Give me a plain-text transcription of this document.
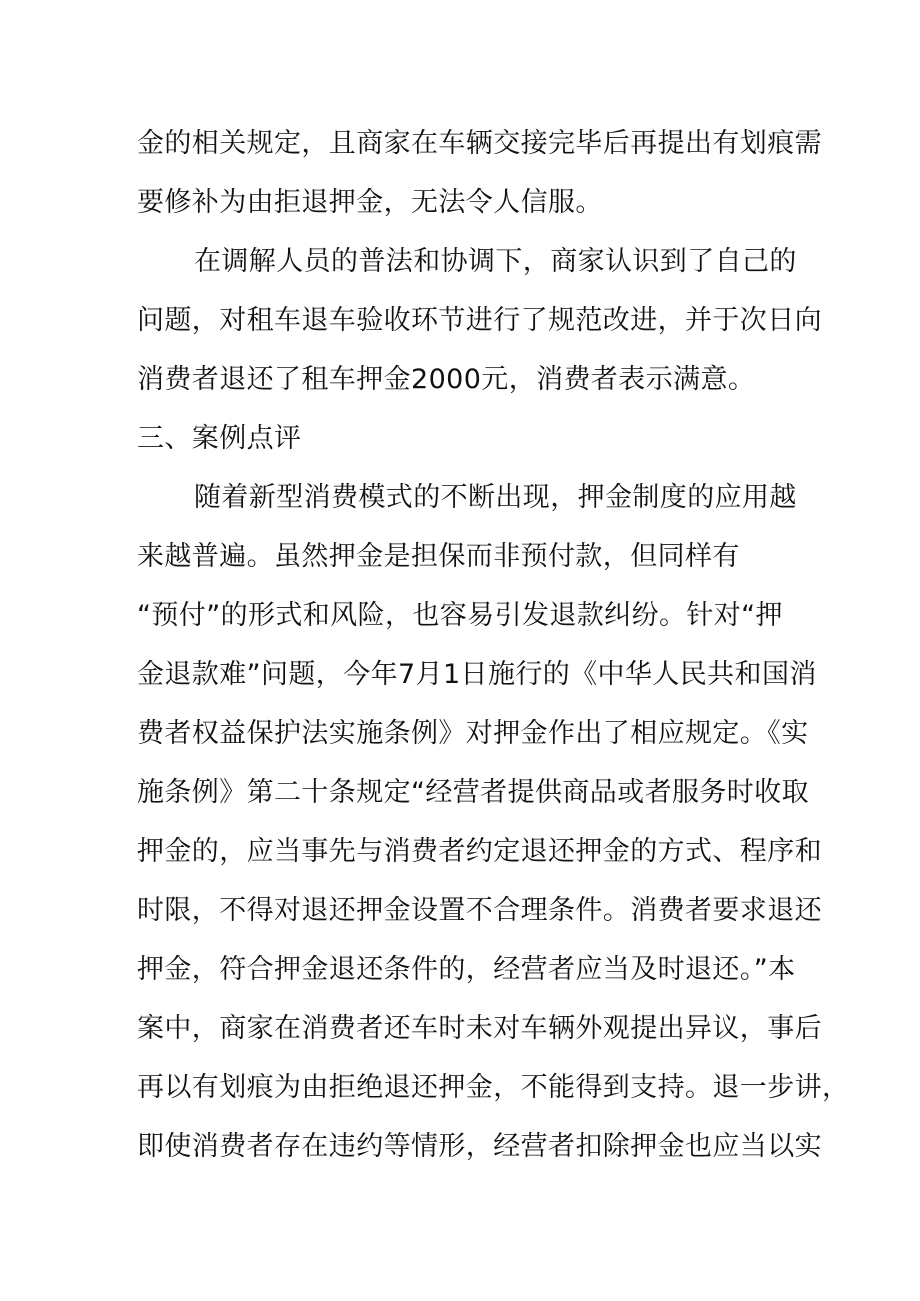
金的相关规定，且商家在车辆交接完毕后再提出有划痕需
要修补为由拒退押金，无法令人信服。
在调解人员的普法和协调下，商家认识到了自己的
问题，对租车退车验收环节进行了规范改进，并于次日向
消费者退还了租车押金2000元，消费者表示满意。
三、案例点评
随着新型消费模式的不断出现，押金制度的应用越
来越普遍。虽然押金是担保而非预付款，但同样有
“预付”的形式和风险，也容易引发退款纠纷。针对“押
金退款难”问题，今年7月1日施行的《中华人民共和国消
费者权益保护法实施条例》对押金作出了相应规定。《实
施条例》第二十条规定“经营者提供商品或者服务时收取
押金的，应当事先与消费者约定退还押金的方式、程序和
时限，不得对退还押金设置不合理条件。消费者要求退还
押金，符合押金退还条件的，经营者应当及时退还。”本
案中，商家在消费者还车时未对车辆外观提出异议，事后
再以有划痕为由拒绝退还押金，不能得到支持。退一步讲，
即使消费者存在违约等情形，经营者扣除押金也应当以实
